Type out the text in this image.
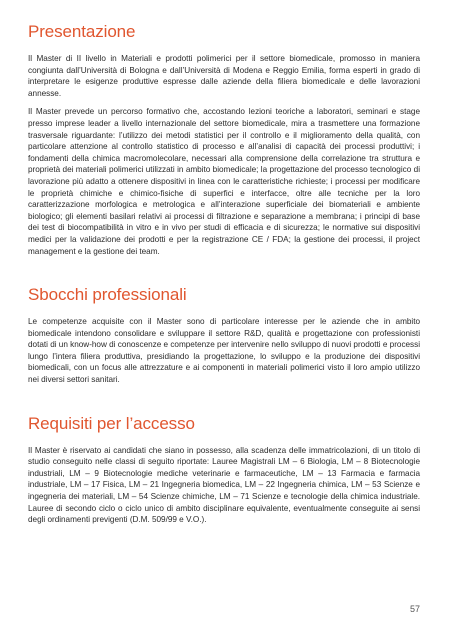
Presentazione

Il Master di II livello in Materiali e prodotti polimerici per il settore biomedicale, promosso in maniera congiunta dall’Università di Bologna e dall’Università di Modena e Reggio Emilia, forma esperti in grado di interpretare le esigenze produttive espresse dalle aziende della filiera biomedicale e delle lavorazioni annesse.

Il Master prevede un percorso formativo che, accostando lezioni teoriche a laboratori, seminari e stage presso imprese leader a livello internazionale del settore biomedicale, mira a trasmettere una formazione trasversale riguardante: l’utilizzo dei metodi statistici per il controllo e il miglioramento della qualità, con particolare attenzione al controllo statistico di processo e all’analisi di capacità dei processi produttivi; i fondamenti della chimica macromolecolare, necessari alla comprensione della correlazione tra struttura e proprietà dei materiali polimerici utilizzati in ambito biomedicale; la progettazione del processo tecnologico di lavorazione più adatto a ottenere dispositivi in linea con le caratteristiche richieste; i processi per modificare le proprietà chimiche e chimico-fisiche di superfici e interfacce, oltre alle tecniche per la loro caratterizzazione morfologica e metrologica e all’interazione superficiale dei biomateriali e ambiente biologico; gli elementi basilari relativi ai processi di filtrazione e separazione a membrana; i principi di base dei test di biocompatibilità in vitro e in vivo per studi di efficacia e di sicurezza; le normative sui dispositivi medici per la validazione dei prodotti e per la registrazione CE / FDA; la gestione dei processi, il project management e la gestione dei team.

Sbocchi professionali

Le competenze acquisite con il Master sono di particolare interesse per le aziende che in ambito biomedicale intendono consolidare e sviluppare il settore R&D, qualità e progettazione con professionisti dotati di un know-how di conoscenze e competenze per intervenire nello sviluppo di nuovi prodotti e processi lungo l’intera filiera produttiva, presidiando la progettazione, lo sviluppo e la produzione dei dispositivi biomedicali, con un focus alle attrezzature e ai componenti in materiali polimerici visto il loro ampio utilizzo nei diversi settori sanitari.

Requisiti per l’accesso

Il Master è riservato ai candidati che siano in possesso, alla scadenza delle immatricolazioni, di un titolo di studio conseguito nelle classi di seguito riportate: Lauree Magistrali LM – 6 Biologia, LM – 8 Biotecnologie industriali, LM – 9 Biotecnologie mediche veterinarie e farmaceutiche, LM – 13 Farmacia e farmacia industriale, LM – 17 Fisica, LM – 21 Ingegneria biomedica, LM – 22 Ingegneria chimica, LM – 53 Scienze e ingegneria dei materiali, LM – 54 Scienze chimiche, LM – 71 Scienze e tecnologie della chimica industriale. Lauree di secondo ciclo o ciclo unico di ambito disciplinare equivalente, eventualmente conseguite ai sensi degli ordinamenti previgenti (D.M. 509/99 e V.O.).

57
